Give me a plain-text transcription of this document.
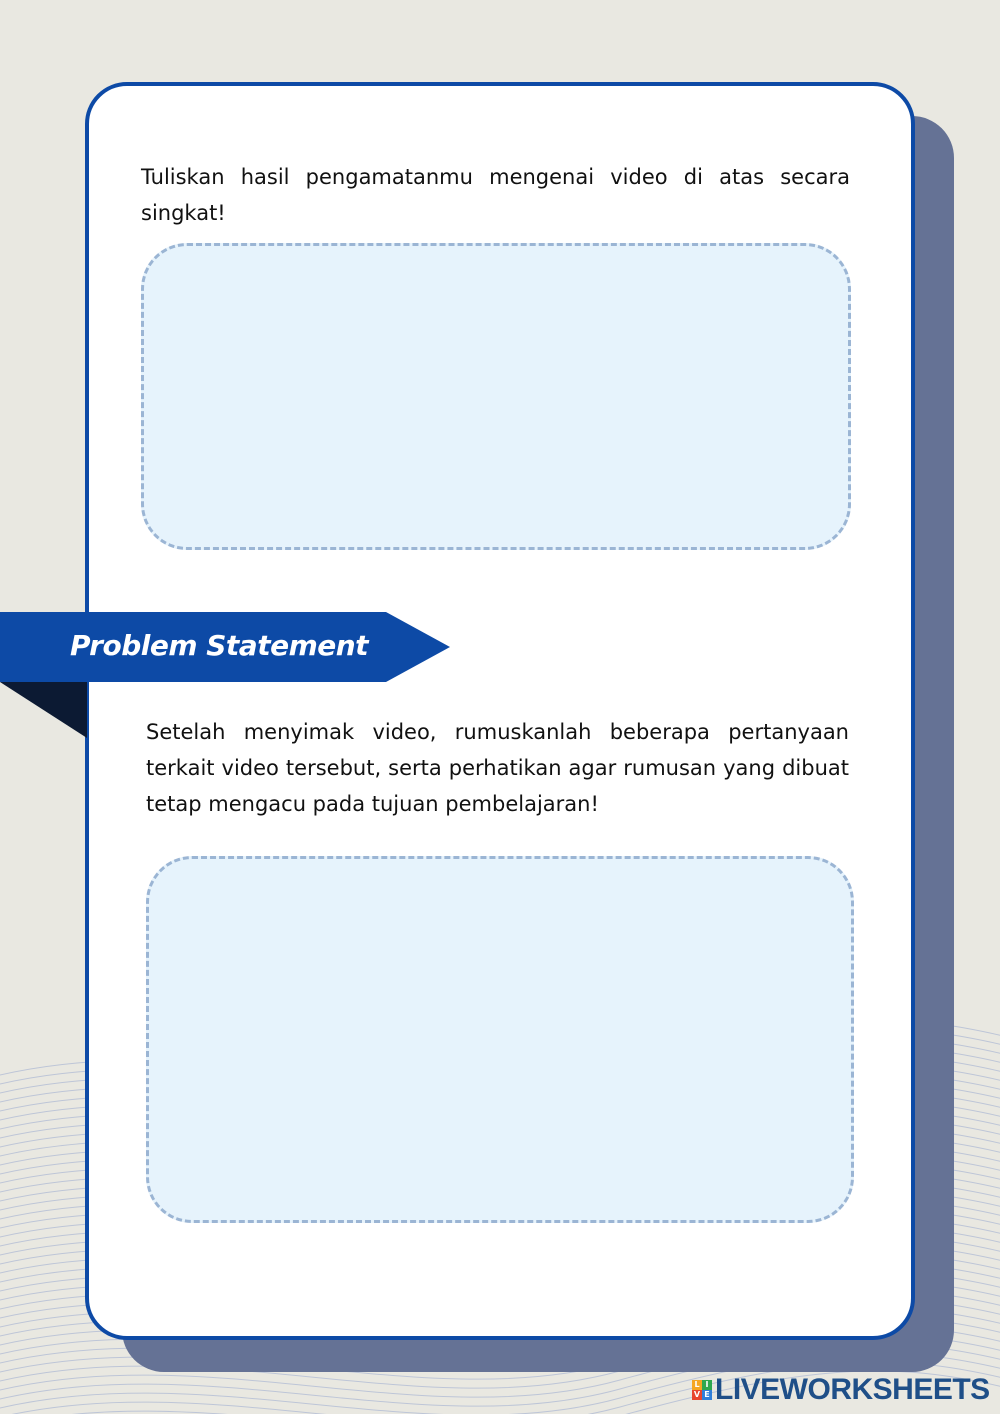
Tuliskan hasil pengamatanmu mengenai video di atas secara singkat!

Problem Statement

Setelah menyimak video, rumuskanlah beberapa pertanyaan terkait video tersebut, serta perhatikan agar rumusan yang dibuat tetap mengacu pada tujuan pembelajaran!

L I
V E LIVEWORKSHEETS
